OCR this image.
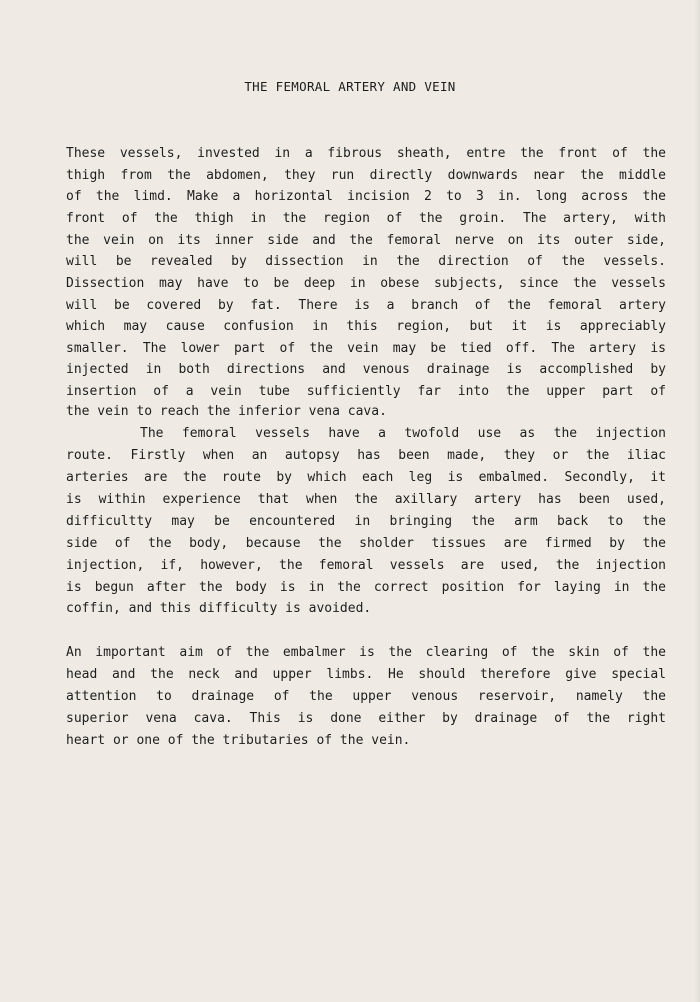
THE FEMORAL ARTERY AND VEIN
These vessels, invested in a fibrous sheath, entre the front of the
thigh from the abdomen, they run directly downwards near the middle
of the limd. Make a horizontal incision 2 to 3 in. long across the
front of the thigh in the region of the groin. The artery, with
the vein on its inner side and the femoral nerve on its outer side,
will be revealed by dissection in the direction of the vessels.
Dissection may have to be deep in obese subjects, since the vessels
will be covered by fat. There is a branch of the femoral artery
which may cause confusion in this region, but it is appreciably
smaller. The lower part of the vein may be tied off. The artery is
injected in both directions and venous drainage is accomplished by
insertion of a vein tube sufficiently far into the upper part of
the vein to reach the inferior vena cava.
The femoral vessels have a twofold use as the injection
route. Firstly when an autopsy has been made, they or the iliac
arteries are the route by which each leg is embalmed. Secondly, it
is within experience that when the axillary artery has been used,
difficultty may be encountered in bringing the arm back to the
side of the body, because the sholder tissues are firmed by the
injection, if, however, the femoral vessels are used, the injection
is begun after the body is in the correct position for laying in the
coffin, and this difficulty is avoided.
An important aim of the embalmer is the clearing of the skin of the
head and the neck and upper limbs. He should therefore give special
attention to drainage of the upper venous reservoir, namely the
superior vena cava. This is done either by drainage of the right
heart or one of the tributaries of the vein.
